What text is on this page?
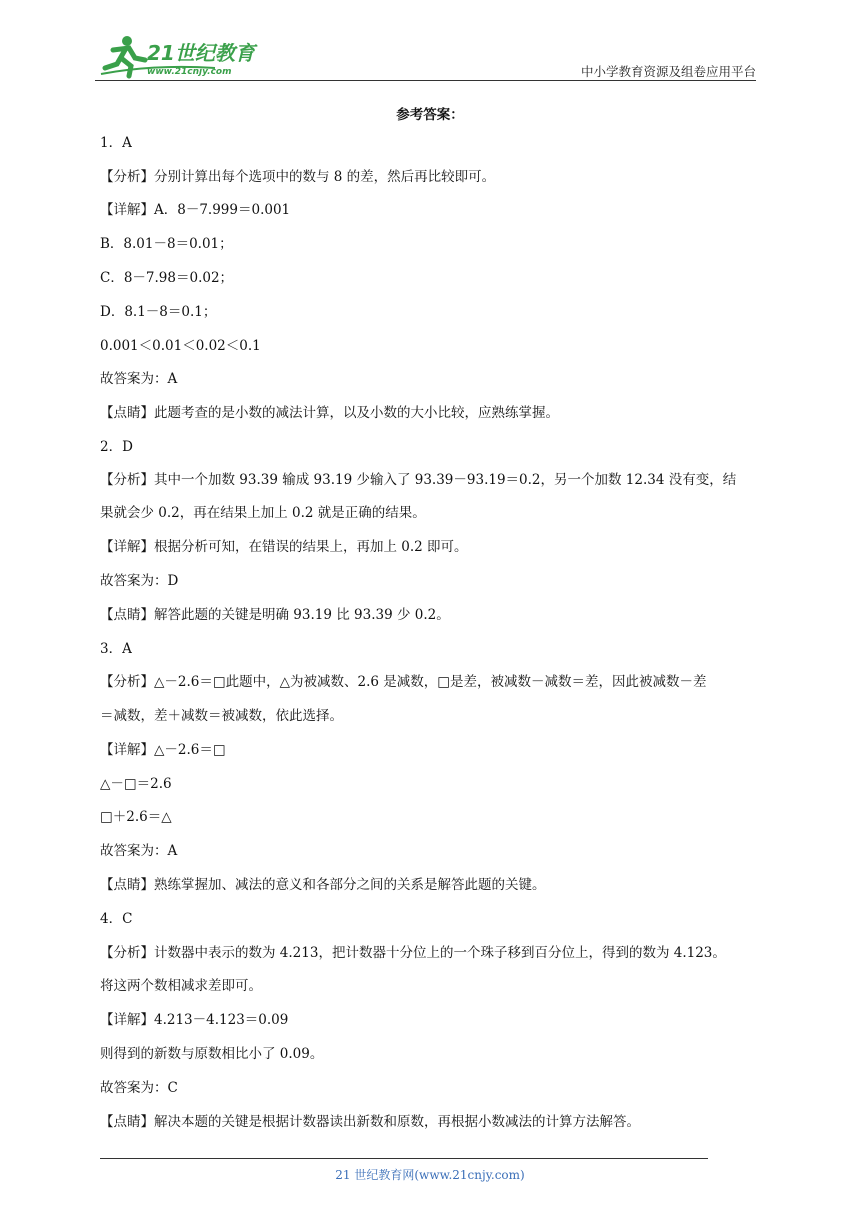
21世纪教育
www.21cnjy.com	中小学教育资源及组卷应用平台
参考答案：
1．A
【分析】分别计算出每个选项中的数与 8 的差，然后再比较即可。
【详解】A．8－7.999＝0.001
B．8.01－8＝0.01；
C．8－7.98＝0.02；
D．8.1－8＝0.1；
0.001＜0.01＜0.02＜0.1
故答案为：A
【点睛】此题考查的是小数的减法计算，以及小数的大小比较，应熟练掌握。
2．D
【分析】其中一个加数 93.39 输成 93.19 少输入了 93.39－93.19＝0.2，另一个加数 12.34 没有变，结
果就会少 0.2，再在结果上加上 0.2 就是正确的结果。
【详解】根据分析可知，在错误的结果上，再加上 0.2 即可。
故答案为：D
【点睛】解答此题的关键是明确 93.19 比 93.39 少 0.2。
3．A
【分析】△－2.6＝□此题中，△为被减数、2.6 是减数，□是差，被减数－减数＝差，因此被减数－差
＝减数，差＋减数＝被减数，依此选择。
【详解】△－2.6＝□
△－□＝2.6
□＋2.6＝△
故答案为：A
【点睛】熟练掌握加、减法的意义和各部分之间的关系是解答此题的关键。
4．C
【分析】计数器中表示的数为 4.213，把计数器十分位上的一个珠子移到百分位上，得到的数为 4.123。
将这两个数相减求差即可。
【详解】4.213－4.123＝0.09
则得到的新数与原数相比小了 0.09。
故答案为：C
【点睛】解决本题的关键是根据计数器读出新数和原数，再根据小数减法的计算方法解答。
21 世纪教育网(www.21cnjy.com)
